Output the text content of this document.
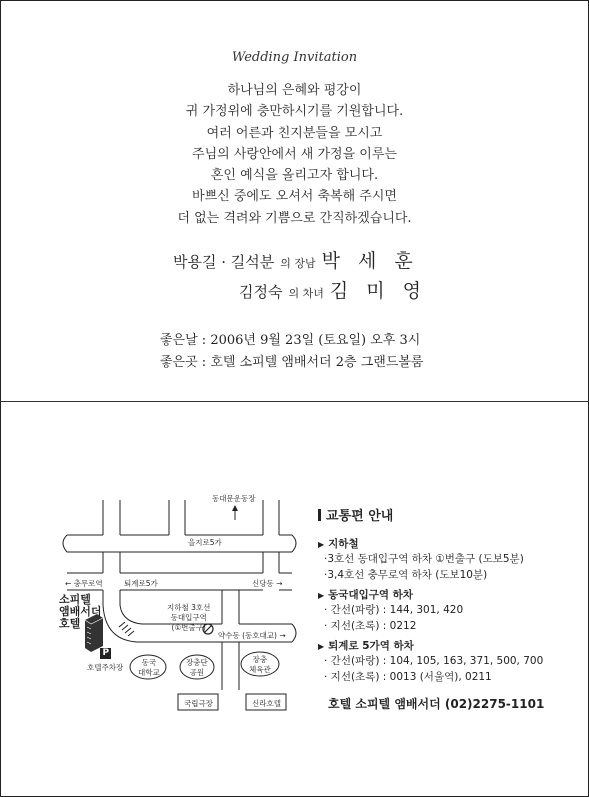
Wedding Invitation
하나님의 은혜와 평강이
귀 가정위에 충만하시기를 기원합니다.
여러 어른과 친지분들을 모시고
주님의 사랑안에서 새 가정을 이루는
혼인 예식을 올리고자 합니다.
바쁘신 중에도 오셔서 축복해 주시면
더 없는 격려와 기쁨으로 간직하겠습니다.
박용길 · 길석분 의 장남 박 세 훈
김정숙 의 차녀 김 미 영
좋은날 : 2006년 9월 23일 (토요일) 오후 3시
좋은곳 : 호텔 소피텔 앰배서더 2층 그랜드볼룸
동대문운동장
을지로5가
← 충무로역	퇴계로5가	신당동 →
소피텔
앰배서더
호텔
지하철 3호선
동대입구역
(①번출구)
약수동 (동호대교) →
P
호텔주차장
동국
대학교
장충단
공원
장충
체육관
국립극장	신라호텔
교통편 안내
▶ 지하철
·3호선 동대입구역 하차 ①번출구 (도보5분)
·3,4호선 충무로역 하차 (도보10분)
▶ 동국대입구역 하차
· 간선(파랑) : 144, 301, 420
· 지선(초록) : 0212
▶ 퇴계로 5가역 하차
· 간선(파랑) : 104, 105, 163, 371, 500, 700
· 지선(초록) : 0013 (서울역), 0211
호텔 소피텔 앰배서더 (02)2275-1101
